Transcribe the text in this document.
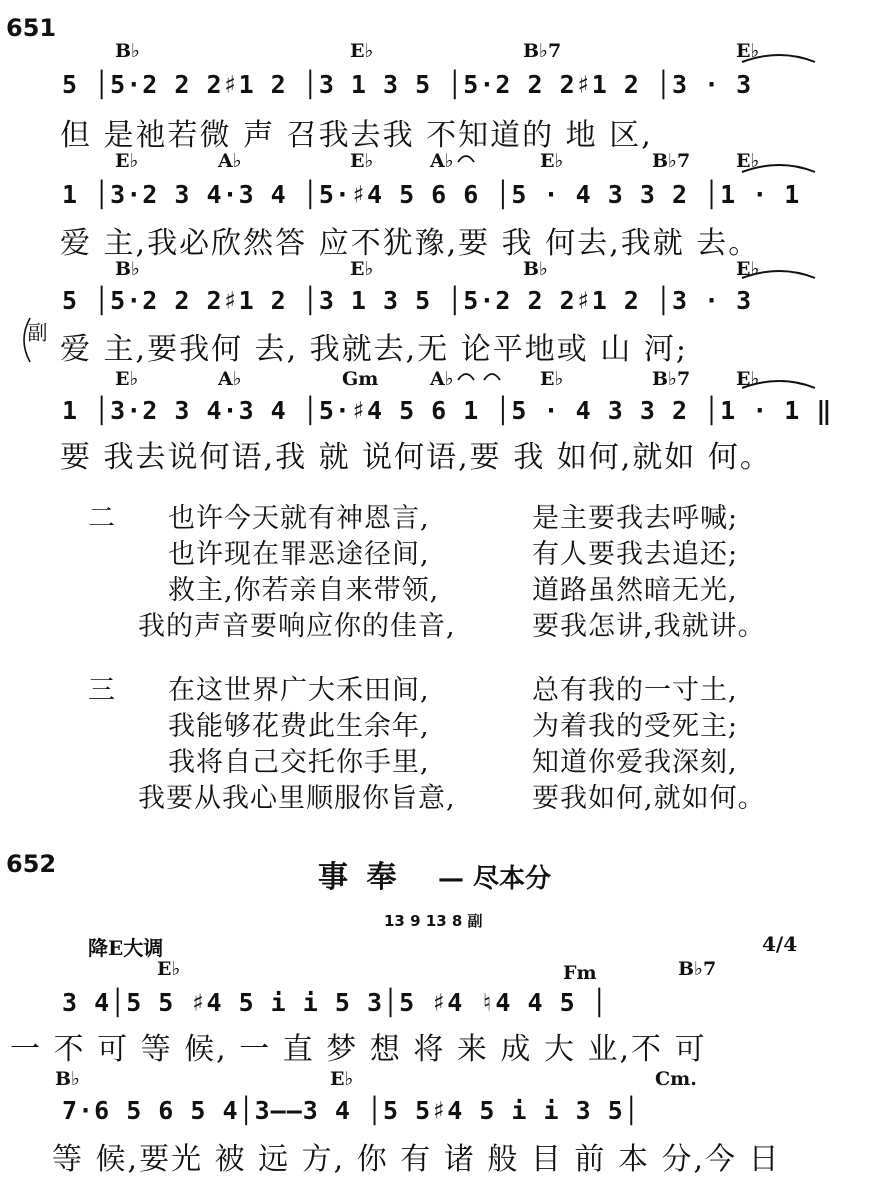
651
B♭	E♭	B♭7	E♭
5 │5·2 2 2♯1 2 │3 1 3 5 │5·2 2 2♯1 2 │3 · 3
但 是祂若微 声 召我去我 不知道的 地 区,
E♭	A♭	E♭	A♭	E♭	B♭7 E♭
1 │3·2 3 4·3 4 │5·♯4 5 6 6 │5 · 4 3 3 2 │1 · 1
爱 主,我必欣然答 应不犹豫,要 我 何去,我就 去。
B♭	E♭	B♭	E♭
5 │5·2 2 2♯1 2 │3 1 3 5 │5·2 2 2♯1 2 │3 · 3
副 爱 主,要我何 去, 我就去,无 论平地或 山 河;
E♭	A♭	Gm	A♭	E♭	B♭7 E♭
1 │3·2 3 4·3 4 │5·♯4 5 6 1 │5 · 4 3 3 2 │1 · 1 ‖
要 我去说何语,我 就 说何语,要 我 如何,就如 何。
二 也许今天就有神恩言,	是主要我去呼喊;
也许现在罪恶途径间,	有人要我去追还;
救主,你若亲自来带领,	道路虽然暗无光,
我的声音要响应你的佳音,	要我怎讲,我就讲。
三 在这世界广大禾田间,	总有我的一寸土,
我能够花费此生余年,	为着我的受死主;
我将自己交托你手里,	知道你爱我深刻,
我要从我心里顺服你旨意,	要我如何,就如何。
652	事 奉 — 尽本分
13 9 13 8 副
降E大调	4/4
E♭	Fm	B♭7
3 4│5 5 ♯4 5 i i 5 3│5 ♯4 ♮4 4 5 │
一 不 可 等 候, 一 直 梦 想 将 来 成 大 业,不 可
B♭	E♭	Cm.
7·6 5 6 5 4│3——3 4 │5 5♯4 5 i i 3 5│
等 候,要光 被 远 方, 你 有 诸 般 目 前 本 分,今 日
